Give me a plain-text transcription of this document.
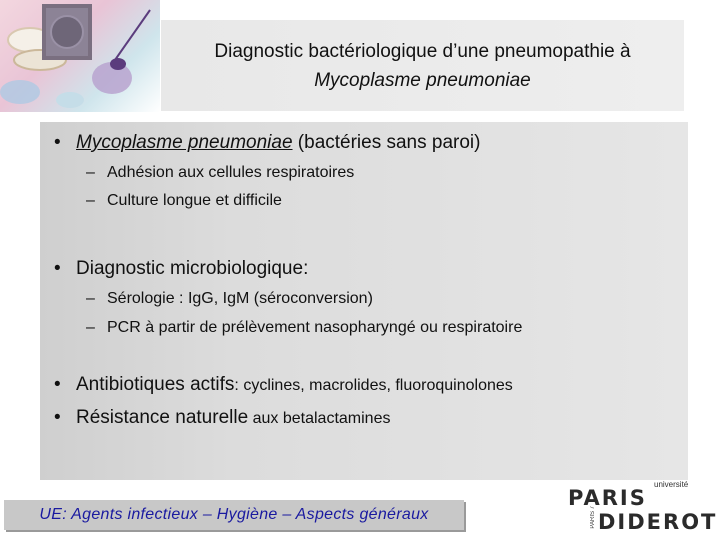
Diagnostic bactériologique d’une pneumopathie à
Mycoplasme pneumoniae
• Mycoplasme pneumoniae (bactéries sans paroi)
– Adhésion aux cellules respiratoires
– Culture longue et difficile
• Diagnostic microbiologique:
– Sérologie : IgG, IgM (séroconversion)
– PCR à partir de prélèvement nasopharyngé ou respiratoire
• Antibiotiques actifs: cyclines, macrolides, fluoroquinolones
• Résistance naturelle aux betalactamines
UE: Agents infectieux – Hygiène – Aspects généraux
université
PARIS
PARIS 7 DIDEROT
